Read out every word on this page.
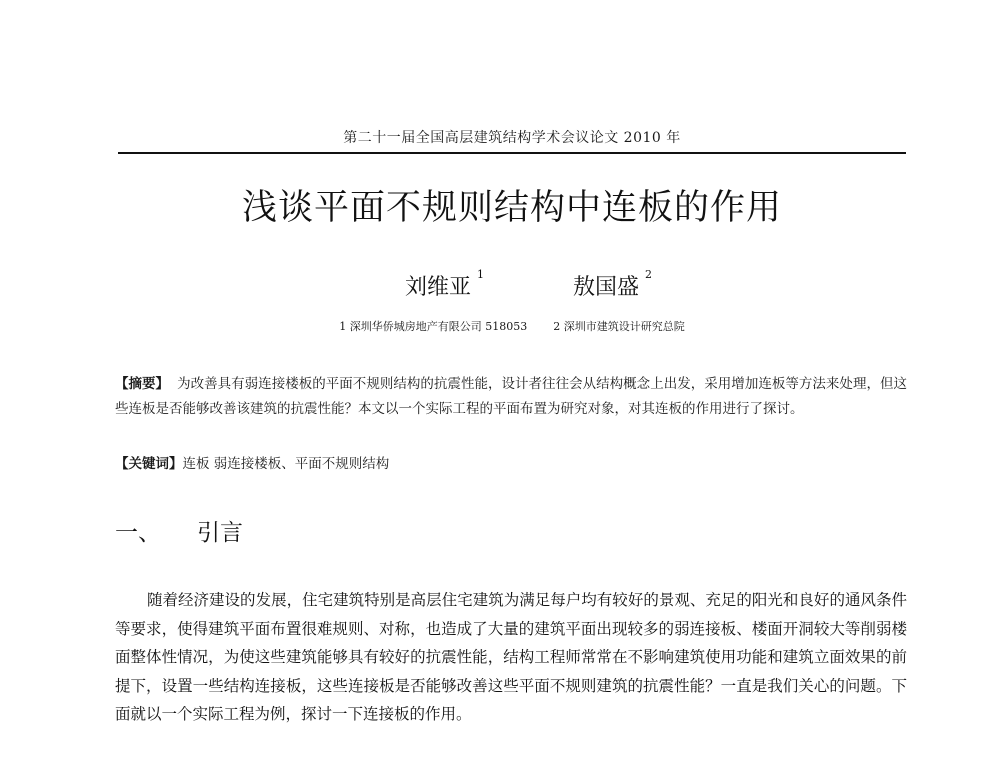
第二十一届全国高层建筑结构学术会议论文 2010 年
浅谈平面不规则结构中连板的作用
刘维亚$^1$
敖国盛$^2$
1 深圳华侨城房地产有限公司 518053 2 深圳市建筑设计研究总院
【摘要】 为改善具有弱连接楼板的平面不规则结构的抗震性能，设计者往往会从结构概念上出发，采用增加连板等方法来处理，但这些连板是否能够改善该建筑的抗震性能？本文以一个实际工程的平面布置为研究对象，对其连板的作用进行了探讨。
【关键词】连板 弱连接楼板、平面不规则结构
一、 引言

随着经济建设的发展，住宅建筑特别是高层住宅建筑为满足每户均有较好的景观、充足的阳光和良好的通风条件等要求，使得建筑平面布置很难规则、对称，也造成了大量的建筑平面出现较多的弱连接板、楼面开洞较大等削弱楼面整体性情况，为使这些建筑能够具有较好的抗震性能，结构工程师常常在不影响建筑使用功能和建筑立面效果的前提下，设置一些结构连接板，这些连接板是否能够改善这些平面不规则建筑的抗震性能？一直是我们关心的问题。下面就以一个实际工程为例，探讨一下连接板的作用。
